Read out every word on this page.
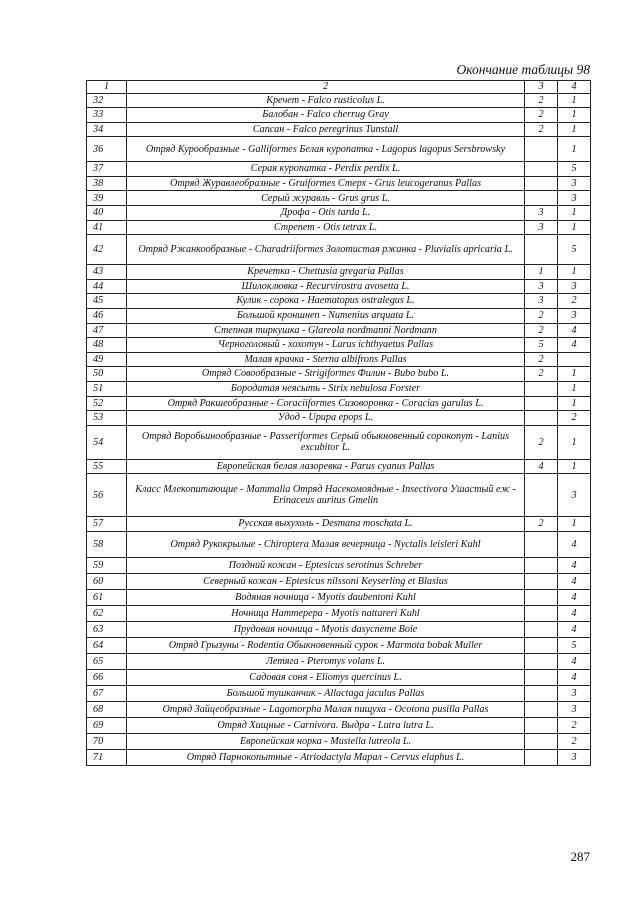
Окончание таблицы 98
1	2	3	4
32	Кречет - Falco rusticolus L.	2	1
33	Балобан - Falco cherrug Gray	2	1
34	Сапсан - Falco peregrinus Tunstall	2	1
36	Отряд Курообразные - Galliformes Белая куропатка - Lagopus lagopus Sersbrowsky		1
37	Серая куропатка - Perdix perdix L.		5
38	Отряд Журавлеобразные - Gruiformes Стерх - Grus leucogeranus Pallas		3
39	Серый журавль - Grus grus L.		3
40	Дрофа - Otis tarda L.	3	1
41	Стрепет - Otis tetrax L.	3	1
42	Отряд Ржанкообразные - Charadriiformes Золотистая ржанка - Pluvialis apricaria L.		5
43	Кречетка - Chettusia gregaria Pallas	1	1
44	Шилоклювка - Recurvirostra avosetta L.	3	3
45	Кулик - сорока - Haematopus ostralegus L.	3	2
46	Большой кроншнеп - Numenius arquata L.	2	3
47	Степная тиркушка - Glareola nordmanni Nordmann	2	4
48	Черноголовый - хохотун - Larus ichthyaetus Pallas	5	4
49	Малая крачка - Sterna albifrons Pallas	2	
50	Отряд Совообразные - Strigiformes Филин - Bubo bubo L.	2	1
51	Бородатая неясыть - Strix nebulosa Forster		1
52	Отряд Ракшеобразные - Coraciiformes Сизоворонка - Coracias garulus L.		1
53	Удод - Upupa epops L.		2
54	Отряд Воробьинообразные - Passeriformes Серый обыкновенный сорокопут - Lanius excubitor L.	2	1
55	Европейская белая лазоревка - Parus cyanus Pallas	4	1
56	Класс Млекопитающие - Mammalia Отряд Насекомоядные - Insectivora Ушастый еж - Erinaceus auritus Gmelin		3
57	Русская выхухоль - Desmana moschata L.	2	1
58	Отряд Рукокрылые - Chiroptera Малая вечерница - Nyctalis leisleri Kuhl		4
59	Поздний кожан - Eptesicus serotinus Schreber		4
60	Северный кожан - Eptesicus nilssoni Keyserling et Blasius		4
61	Водяная ночница - Myotis daubentoni Kuhl		4
62	Ночница Наттерера - Myotis nattareri Kuhl		4
63	Прудовая ночница - Myotis dasycneme Boie		4
64	Отряд Грызуны - Rodentia Обыкновенный сурок - Marmota bobak Muller		5
65	Летяга - Pteromys volans L.		4
66	Садовая соня - Eliomys quercinus L.		4
67	Большой тушканчик - Allactaga jaculus Pallas		3
68	Отряд Зайцеобразные - Lagomorpha Малая пищуха - Ocotona pusilla Pallas		3
69	Отряд Хищные - Carnivora. Выдра - Lutra lutra L.		2
70	Европейская норка - Mustella lutreola L.		2
71	Отряд Парнокопытные - Atriodactyla Марал - Cervus elaphus L.		3
287
